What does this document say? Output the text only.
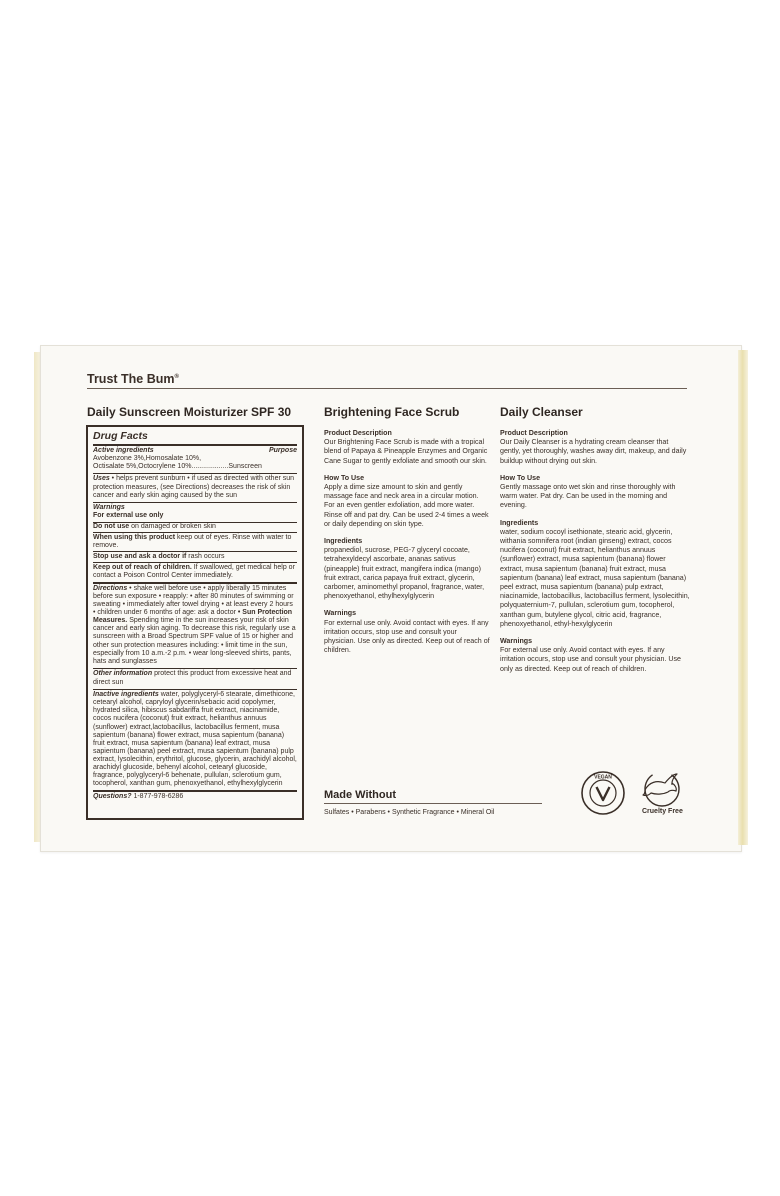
Trust The Bum®
Daily Sunscreen Moisturizer SPF 30	Brightening Face Scrub	Daily Cleanser
Drug Facts
Active ingredients	Purpose

Avobenzone 3%,Homosalate 10%,

Octisalate 5%,Octocrylene 10%...................Sunscreen

Uses • helps prevent sunburn • if used as directed with other sun protection measures, (see Directions) decreases the risk of skin cancer and early skin aging caused by the sun

Warnings

For external use only

Do not use on damaged or broken skin

When using this product keep out of eyes. Rinse with water to remove.

Stop use and ask a doctor if rash occurs

Keep out of reach of children. If swallowed, get medical help or contact a Poison Control Center immediately.

Directions • shake well before use • apply liberally 15 minutes before sun exposure • reapply: • after 80 minutes of swimming or sweating • immediately after towel drying • at least every 2 hours • children under 6 months of age: ask a doctor • Sun Protection Measures. Spending time in the sun increases your risk of skin cancer and early skin aging. To decrease this risk, regularly use a sunscreen with a Broad Spectrum SPF value of 15 or higher and other sun protection measures including: • limit time in the sun, especially from 10 a.m.-2 p.m. • wear long-sleeved shirts, pants, hats and sunglasses

Other information protect this product from excessive heat and direct sun

Inactive ingredients water, polyglyceryl-6 stearate, dimethicone, cetearyl alcohol, capryloyl glycerin/sebacic acid copolymer, hydrated silica, hibiscus sabdariffa fruit extract, niacinamide, cocos nucifera (coconut) fruit extract, helianthus annuus (sunflower) extract,lactobacillus, lactobacillus ferment, musa sapientum (banana) flower extract, musa sapientum (banana) fruit extract, musa sapientum (banana) leaf extract, musa sapientum (banana) peel extract, musa sapientum (banana) pulp extract, lysolecithin, erythritol, glucose, glycerin, arachidyl alcohol, arachidyl glucoside, behenyl alcohol, cetearyl glucoside, fragrance, polyglyceryl-6 behenate, pullulan, sclerotium gum, tocopherol, xanthan gum, phenoxyethanol, ethylhexylglycerin

Questions? 1-877-978-6286

Product Description
Our Brightening Face Scrub is made with a tropical blend of Papaya & Pineapple Enzymes and Organic Cane Sugar to gently exfoliate and smooth our skin.

How To Use
Apply a dime size amount to skin and gently massage face and neck area in a circular motion. For an even gentler exfoliation, add more water. Rinse off and pat dry. Can be used 2-4 times a week or daily depending on skin type.

Ingredients
propanediol, sucrose, PEG-7 glyceryl cocoate, tetrahexyldecyl ascorbate, ananas sativus (pineapple) fruit extract, mangifera indica (mango) fruit extract, carica papaya fruit extract, glycerin, carbomer, aminomethyl propanol, fragrance, water, phenoxyethanol, ethylhexylglycerin

Warnings
For external use only. Avoid contact with eyes. If any irritation occurs, stop use and consult your physician. Use only as directed. Keep out of reach of children.

Product Description
Our Daily Cleanser is a hydrating cream cleanser that gently, yet thoroughly, washes away dirt, makeup, and daily buildup without drying out skin.

How To Use
Gently massage onto wet skin and rinse thoroughly with warm water. Pat dry. Can be used in the morning and evening.

Ingredients
water, sodium cocoyl isethionate, stearic acid, glycerin, withania somnifera root (indian ginseng) extract, cocos nucifera (coconut) fruit extract, helianthus annuus (sunflower) extract, musa sapientum (banana) flower extract, musa sapientum (banana) fruit extract, musa sapientum (banana) leaf extract, musa sapientum (banana) peel extract, musa sapientum (banana) pulp extract, niacinamide, lactobacillus, lactobacillus ferment, lysolecithin, polyquaternium-7, pullulan, sclerotium gum, tocopherol, xanthan gum, butylene glycol, citric acid, fragrance, phenoxyethanol, ethyl-hexylglycerin

Warnings
For external use only. Avoid contact with eyes. If any irritation occurs, stop use and consult your physician. Use only as directed. Keep out of reach of children.

Made Without
Sulfates • Parabens • Synthetic Fragrance • Mineral Oil
VEGAN
Cruelty Free
